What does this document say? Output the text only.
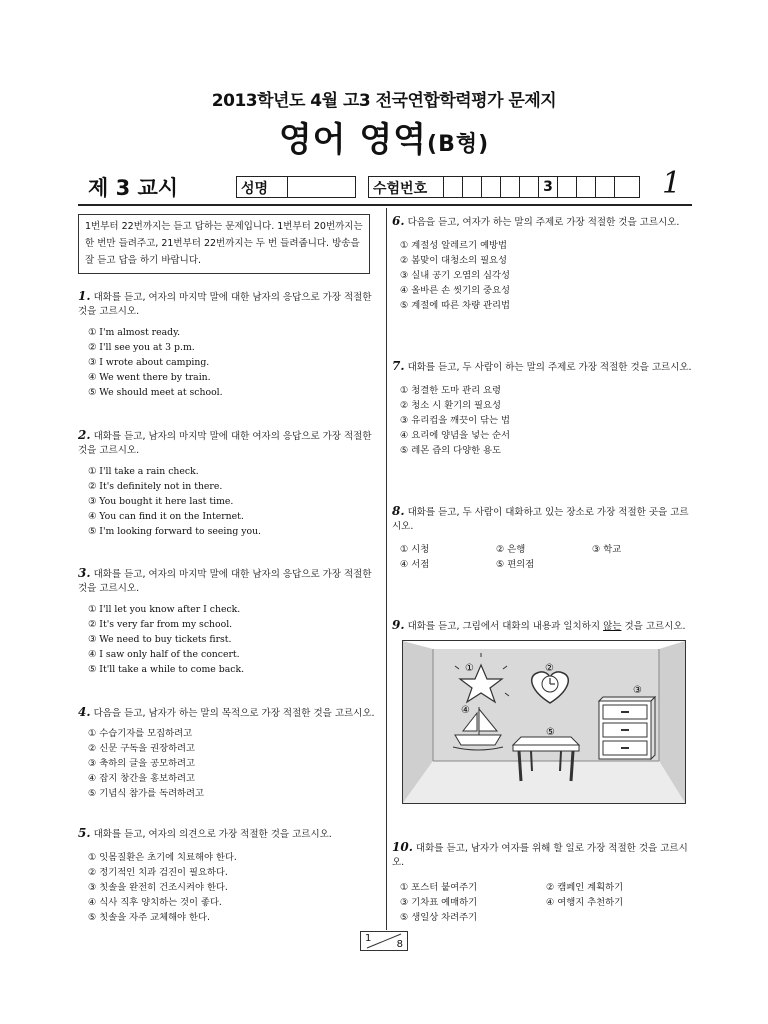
2013학년도 4월 고3 전국연합학력평가 문제지
영어 영역(B형)
제 3 교시	성명	수험번호	3	1
1번부터 22번까지는 듣고 답하는 문제입니다. 1번부터 20번까지는 한 번만 들려주고, 21번부터 22번까지는 두 번 들려줍니다. 방송을 잘 듣고 답을 하기 바랍니다.
1. 대화를 듣고, 여자의 마지막 말에 대한 남자의 응답으로 가장 적절한 것을 고르시오.
① I'm almost ready.
② I'll see you at 3 p.m.
③ I wrote about camping.
④ We went there by train.
⑤ We should meet at school.
2. 대화를 듣고, 남자의 마지막 말에 대한 여자의 응답으로 가장 적절한 것을 고르시오.
① I'll take a rain check.
② It's definitely not in there.
③ You bought it here last time.
④ You can find it on the Internet.
⑤ I'm looking forward to seeing you.
3. 대화를 듣고, 여자의 마지막 말에 대한 남자의 응답으로 가장 적절한 것을 고르시오.
① I'll let you know after I check.
② It's very far from my school.
③ We need to buy tickets first.
④ I saw only half of the concert.
⑤ It'll take a while to come back.
4. 다음을 듣고, 남자가 하는 말의 목적으로 가장 적절한 것을 고르시오.
① 수습기자를 모집하려고
② 신문 구독을 권장하려고
③ 축하의 글을 공모하려고
④ 잡지 창간을 홍보하려고
⑤ 기념식 참가를 독려하려고
5. 대화를 듣고, 여자의 의견으로 가장 적절한 것을 고르시오.
① 잇몸질환은 초기에 치료해야 한다.
② 정기적인 치과 검진이 필요하다.
③ 칫솔을 완전히 건조시켜야 한다.
④ 식사 직후 양치하는 것이 좋다.
⑤ 칫솔을 자주 교체해야 한다.
6. 다음을 듣고, 여자가 하는 말의 주제로 가장 적절한 것을 고르시오.
① 계절성 알레르기 예방법
② 봄맞이 대청소의 필요성
③ 실내 공기 오염의 심각성
④ 올바른 손 씻기의 중요성
⑤ 계절에 따른 차량 관리법
7. 대화를 듣고, 두 사람이 하는 말의 주제로 가장 적절한 것을 고르시오.
① 청결한 도마 관리 요령
② 청소 시 환기의 필요성
③ 유리컵을 깨끗이 닦는 법
④ 요리에 양념을 넣는 순서
⑤ 레몬 즙의 다양한 용도
8. 대화를 듣고, 두 사람이 대화하고 있는 장소로 가장 적절한 곳을 고르시오.
① 시청	② 은행	③ 학교
④ 서점	⑤ 편의점
9. 대화를 듣고, 그림에서 대화의 내용과 일치하지 않는 것을 고르시오.
①	②
③
④
⑤
10. 대화를 듣고, 남자가 여자를 위해 할 일로 가장 적절한 것을 고르시오.
① 포스터 붙여주기	② 캠페인 계획하기
③ 기차표 예매하기	④ 여행지 추천하기
⑤ 생일상 차려주기
1
8
